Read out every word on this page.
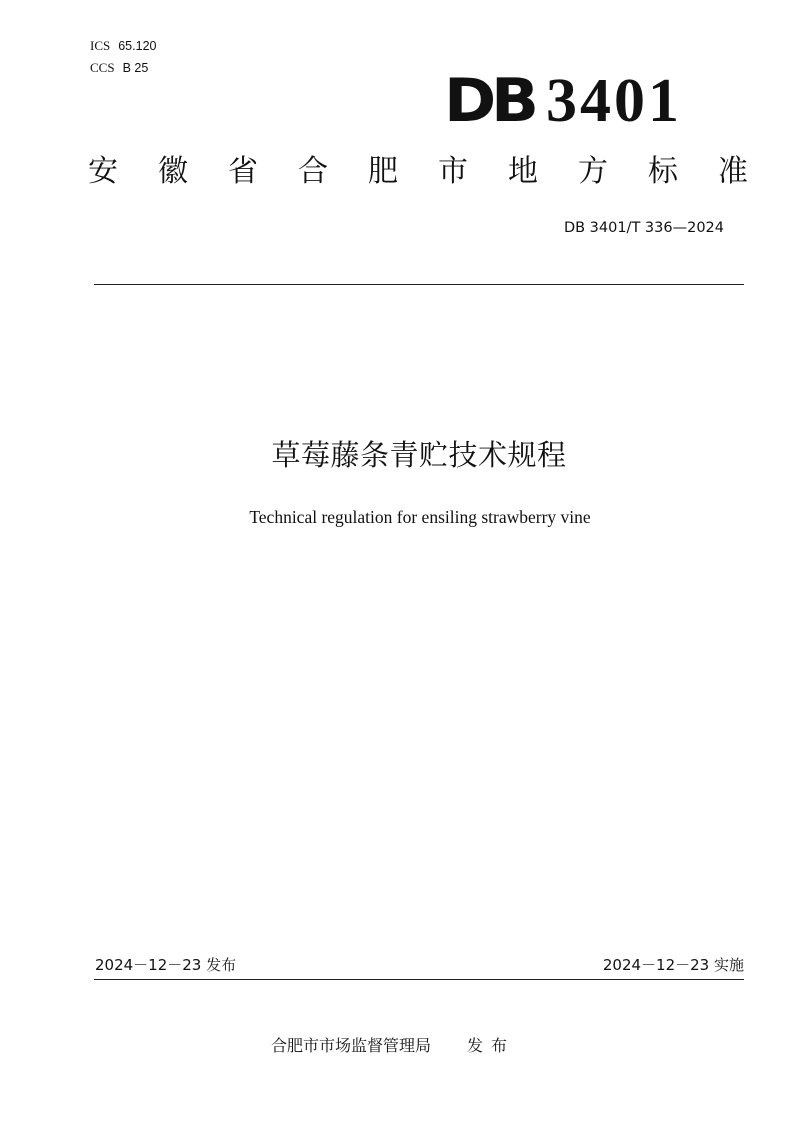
ICS 65.120
CCS B 25	DB 3401
安 徽 省 合 肥 市 地 方 标 准
DB 3401/T 336—2024
草莓藤条青贮技术规程
Technical regulation for ensiling strawberry vine
2024－12－23 发布	2024－12－23 实施
合肥市市场监督管理局 发布
